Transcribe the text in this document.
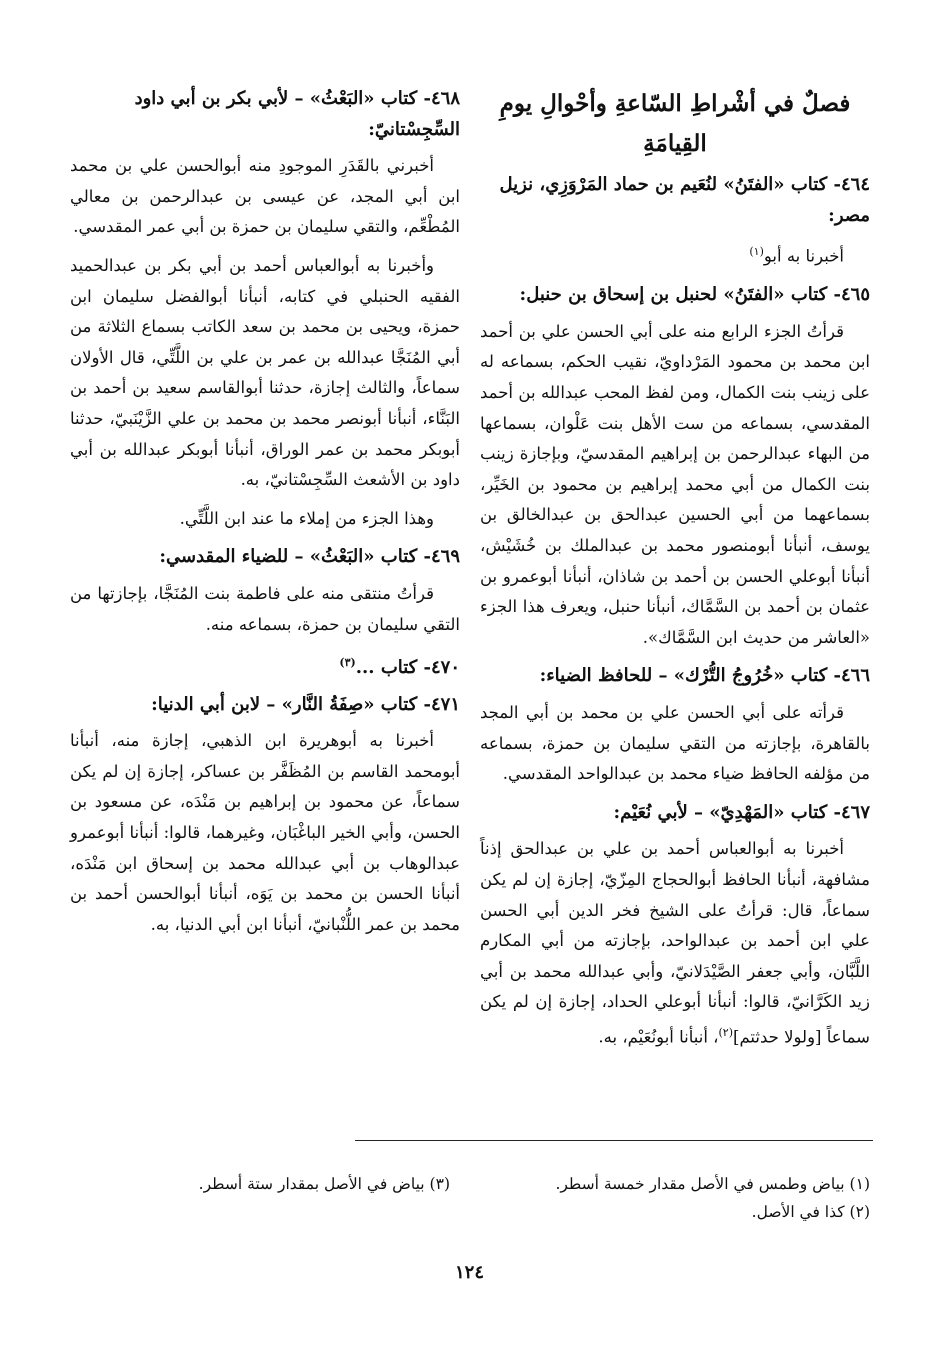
فصلٌ في أشْراطِ السّاعةِ وأحْوالِ يومِ القِيامَةِ
٤٦٤- كتاب «الفتَنُ» لنُعَيم بن حماد المَرْوَزِي، نزيل مصر:

أخبرنا به أبو$^{(١)}$

٤٦٥- كتاب «الفتَنُ» لحنبل بن إسحاق بن حنبل:

قرأتُ الجزء الرابع منه على أبي الحسن علي بن أحمد ابن محمد بن محمود المَرْداويّ، نقيب الحكم، بسماعه له على زينب بنت الكمال، ومن لفظ المحب عبدالله بن أحمد المقدسي، بسماعه من ست الأهل بنت عَلْوان، بسماعها من البهاء عبدالرحمن بن إبراهيم المقدسيّ، وبإجازة زينب بنت الكمال من أبي محمد إبراهيم بن محمود بن الخَيِّر، بسماعهما من أبي الحسين عبدالحق بن عبدالخالق بن يوسف، أنبأنا أبومنصور محمد بن عبدالملك بن خُشَيْش، أنبأنا أبوعلي الحسن بن أحمد بن شاذان، أنبأنا أبوعمرو بن عثمان بن أحمد بن السَّمَّاك، أنبأنا حنبل، ويعرف هذا الجزء «العاشر من حديث ابن السَّمَّاك».

٤٦٦- كتاب «خُرُوجُ التُّرْك» – للحافظ الضياء:

قرأته على أبي الحسن علي بن محمد بن أبي المجد بالقاهرة، بإجازته من التقي سليمان بن حمزة، بسماعه من مؤلفه الحافظ ضياء محمد بن عبدالواحد المقدسي.

٤٦٧- كتاب «المَهْدِيّ» – لأبي نُعَيْم:

أخبرنا به أبوالعباس أحمد بن علي بن عبدالحق إذناً مشافهة، أنبأنا الحافظ أبوالحجاج المِزّيّ، إجازة إن لم يكن سماعاً، قال: قرأتُ على الشيخ فخر الدين أبي الحسن علي ابن أحمد بن عبدالواحد، بإجازته من أبي المكارم اللَّبَّان، وأبي جعفر الصَّيْدَلانيّ، وأبي عبدالله محمد بن أبي زيد الكَرَّانيّ، قالوا: أنبأنا أبوعلي الحداد، إجازة إن لم يكن سماعاً [ولولا حدثتم]$^{(٢)}$، أنبأنا أبونُعَيْم، به.

٤٦٨- كتاب «البَعْثُ» – لأبي بكر بن أبي داود السِّجِسْتانيّ:

أخبرني بالقَدَرِ الموجودِ منه أبوالحسن علي بن محمد ابن أبي المجد، عن عيسى بن عبدالرحمن بن معالي المُطْعِّم، والتقي سليمان بن حمزة بن أبي عمر المقدسي.

وأخبرنا به أبوالعباس أحمد بن أبي بكر بن عبدالحميد الفقيه الحنبلي في كتابه، أنبأنا أبوالفضل سليمان ابن حمزة، ويحيى بن محمد بن سعد الكاتب بسماع الثلاثة من أبي المُنَجَّا عبدالله بن عمر بن علي بن اللَّتِّي، قال الأولان سماعاً، والثالث إجازة، حدثنا أبوالقاسم سعيد بن أحمد بن البَنَّاء، أنبأنا أبونصر محمد بن محمد بن علي الزَّيْنَبيّ، حدثنا أبوبكر محمد بن عمر الوراق، أنبأنا أبوبكر عبدالله بن أبي داود بن الأشعث السِّجِسْتانيّ، به.

وهذا الجزء من إملاء ما عند ابن اللَّتِّي.

٤٦٩- كتاب «البَعْثُ» – للضياء المقدسي:

قرأتُ منتقى منه على فاطمة بنت المُنَجَّا، بإجازتها من التقي سليمان بن حمزة، بسماعه منه.

٤٧٠- كتاب ...$^{(٣)}$
٤٧١- كتاب «صِفَةُ النَّار» – لابن أبي الدنيا:

أخبرنا به أبوهريرة ابن الذهبي، إجازة منه، أنبأنا أبومحمد القاسم بن المُظَفَّر بن عساكر، إجازة إن لم يكن سماعاً، عن محمود بن إبراهيم بن مَنْدَه، عن مسعود بن الحسن، وأبي الخير الباغْبَان، وغيرهما، قالوا: أنبأنا أبوعمرو عبدالوهاب بن أبي عبدالله محمد بن إسحاق ابن مَنْدَه، أنبأنا الحسن بن محمد بن يَوَه، أنبأنا أبوالحسن أحمد بن محمد بن عمر اللُّنْبانيّ، أنبأنا ابن أبي الدنيا، به.

(١) بياض وطمس في الأصل مقدار خمسة أسطر.
(٢) كذا في الأصل.
(٣) بياض في الأصل بمقدار ستة أسطر.
١٢٤
